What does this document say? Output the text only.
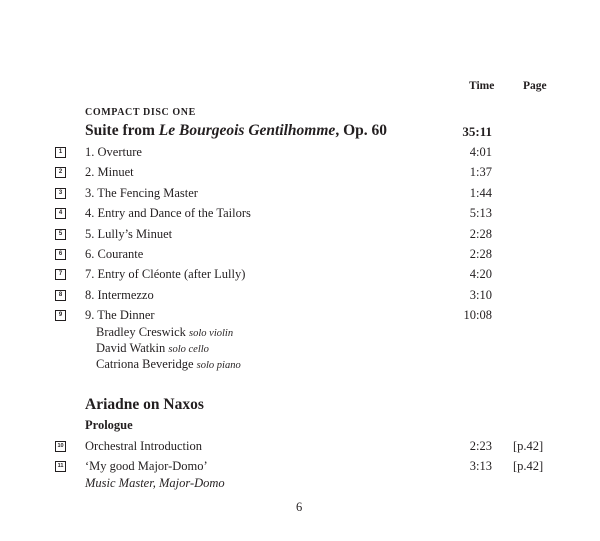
Time Page
COMPACT DISC ONE
Suite from Le Bourgeois Gentilhomme, Op. 60	35:11
1	1. Overture	4:01
2	2. Minuet	1:37
3	3. The Fencing Master	1:44
4	4. Entry and Dance of the Tailors	5:13
5	5. Lully’s Minuet	2:28
6	6. Courante	2:28
7	7. Entry of Cléonte (after Lully)	4:20
8	8. Intermezzo	3:10
9	9. The Dinner	10:08
Bradley Creswick solo violin
David Watkin solo cello
Catriona Beveridge solo piano
Ariadne on Naxos
Prologue
10 Orchestral Introduction	2:23 [p.42]
11 ‘My good Major-Domo’	3:13 [p.42]
Music Master, Major-Domo
6
